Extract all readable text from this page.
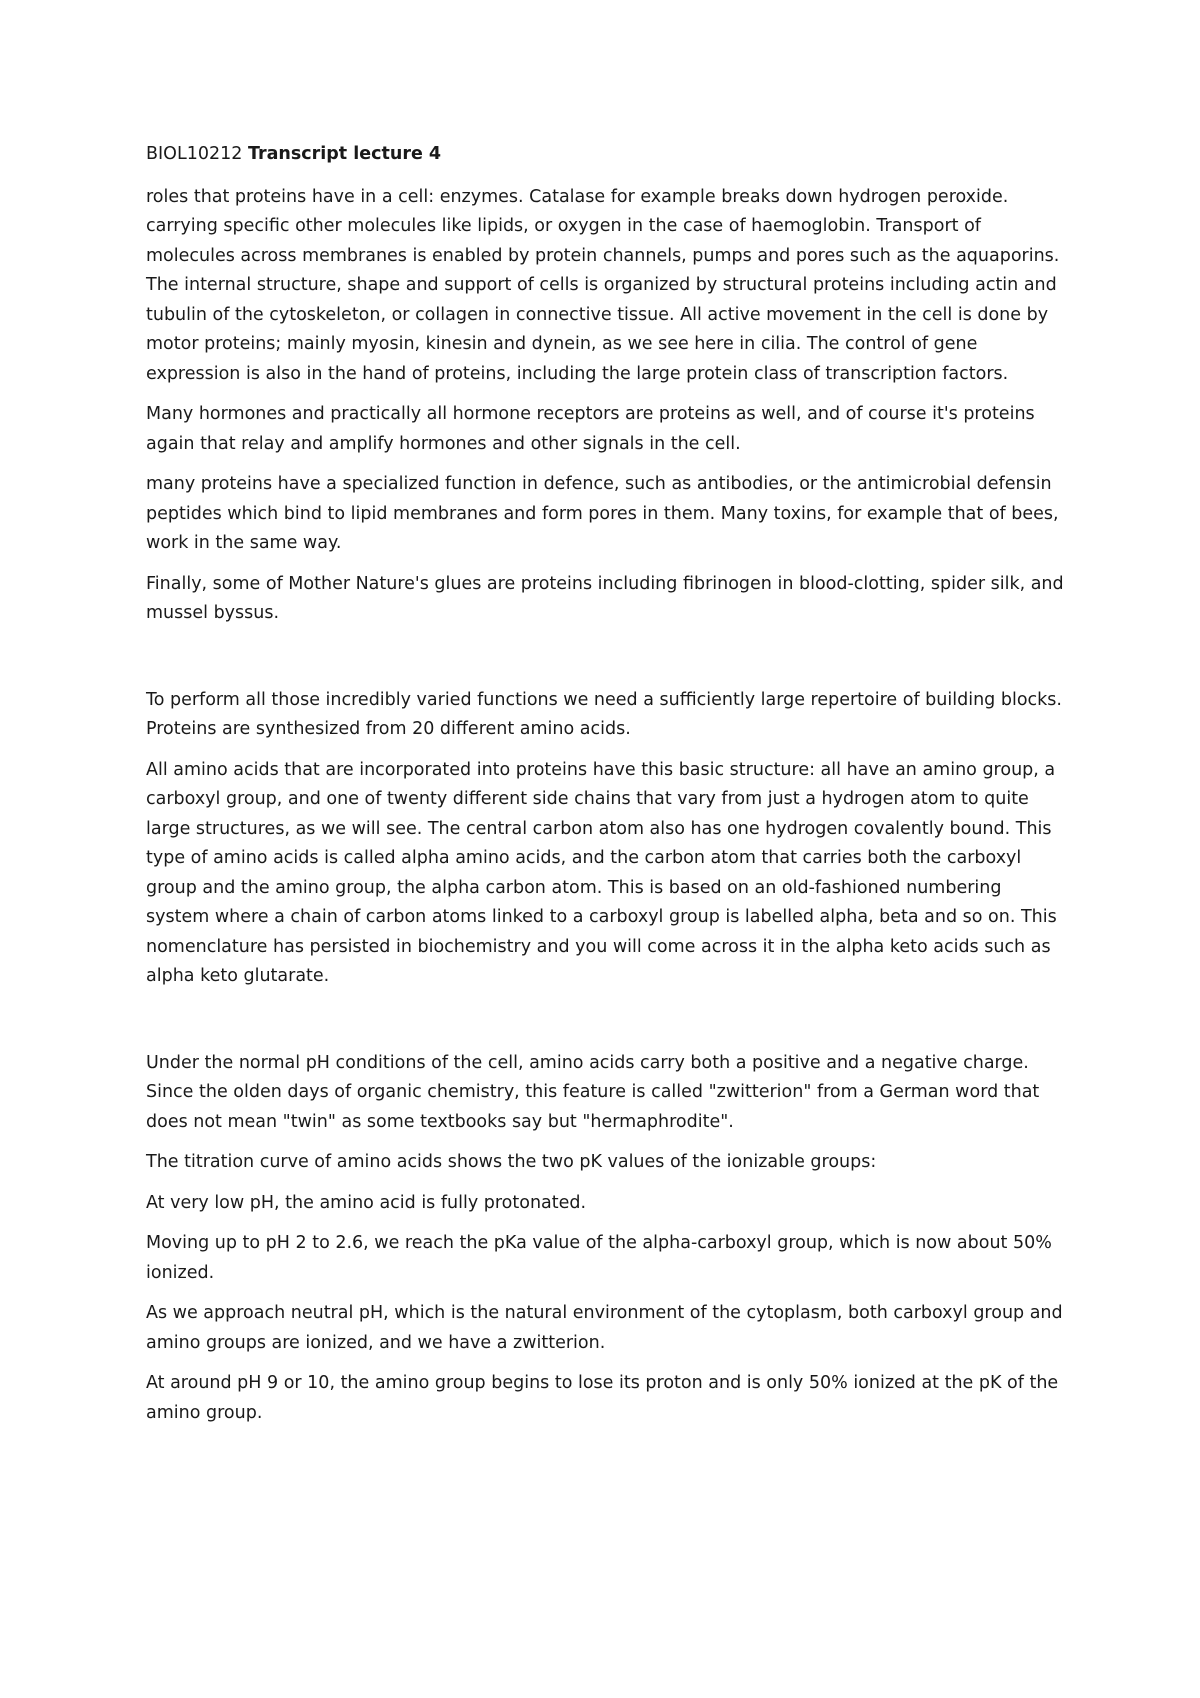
BIOL10212 Transcript lecture 4

roles that proteins have in a cell: enzymes. Catalase for example breaks down hydrogen peroxide. carrying specific other molecules like lipids, or oxygen in the case of haemoglobin. Transport of molecules across membranes is enabled by protein channels, pumps and pores such as the aquaporins. The internal structure, shape and support of cells is organized by structural proteins including actin and tubulin of the cytoskeleton, or collagen in connective tissue. All active movement in the cell is done by motor proteins; mainly myosin, kinesin and dynein, as we see here in cilia. The control of gene expression is also in the hand of proteins, including the large protein class of transcription factors.

Many hormones and practically all hormone receptors are proteins as well, and of course it's proteins again that relay and amplify hormones and other signals in the cell.

many proteins have a specialized function in defence, such as antibodies, or the antimicrobial defensin peptides which bind to lipid membranes and form pores in them. Many toxins, for example that of bees, work in the same way.

Finally, some of Mother Nature's glues are proteins including fibrinogen in blood-clotting, spider silk, and mussel byssus.

To perform all those incredibly varied functions we need a sufficiently large repertoire of building blocks. Proteins are synthesized from 20 different amino acids.

All amino acids that are incorporated into proteins have this basic structure: all have an amino group, a carboxyl group, and one of twenty different side chains that vary from just a hydrogen atom to quite large structures, as we will see. The central carbon atom also has one hydrogen covalently bound. This type of amino acids is called alpha amino acids, and the carbon atom that carries both the carboxyl group and the amino group, the alpha carbon atom. This is based on an old-fashioned numbering system where a chain of carbon atoms linked to a carboxyl group is labelled alpha, beta and so on. This nomenclature has persisted in biochemistry and you will come across it in the alpha keto acids such as alpha keto glutarate.

Under the normal pH conditions of the cell, amino acids carry both a positive and a negative charge. Since the olden days of organic chemistry, this feature is called "zwitterion" from a German word that does not mean "twin" as some textbooks say but "hermaphrodite".

The titration curve of amino acids shows the two pK values of the ionizable groups:

At very low pH, the amino acid is fully protonated.

Moving up to pH 2 to 2.6, we reach the pKa value of the alpha-carboxyl group, which is now about 50% ionized.

As we approach neutral pH, which is the natural environment of the cytoplasm, both carboxyl group and amino groups are ionized, and we have a zwitterion.

At around pH 9 or 10, the amino group begins to lose its proton and is only 50% ionized at the pK of the amino group.
